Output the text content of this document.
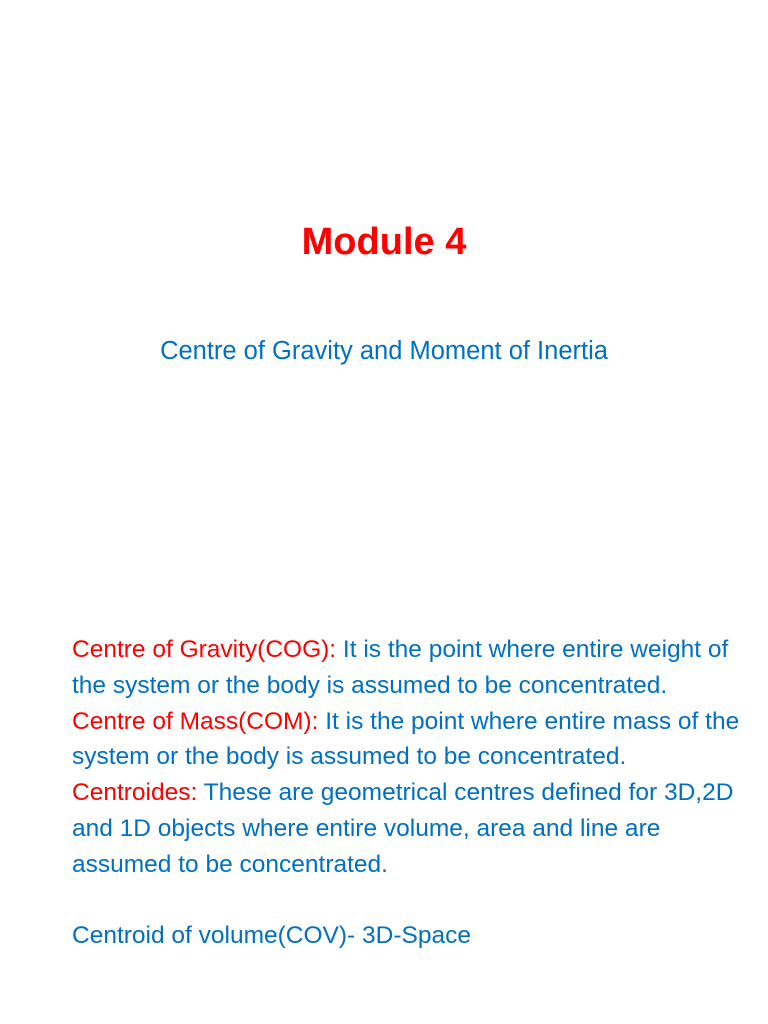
Module 4
Centre of Gravity and Moment of Inertia

Centre of Gravity(COG): It is the point where entire weight of the system or the body is assumed to be concentrated.

Centre of Mass(COM): It is the point where entire mass of the system or the body is assumed to be concentrated.

Centroides: These are geometrical centres defined for 3D,2D and 1D objects where entire volume, area and line are assumed to be concentrated.

Centroid of volume(COV)- 3D-Space
